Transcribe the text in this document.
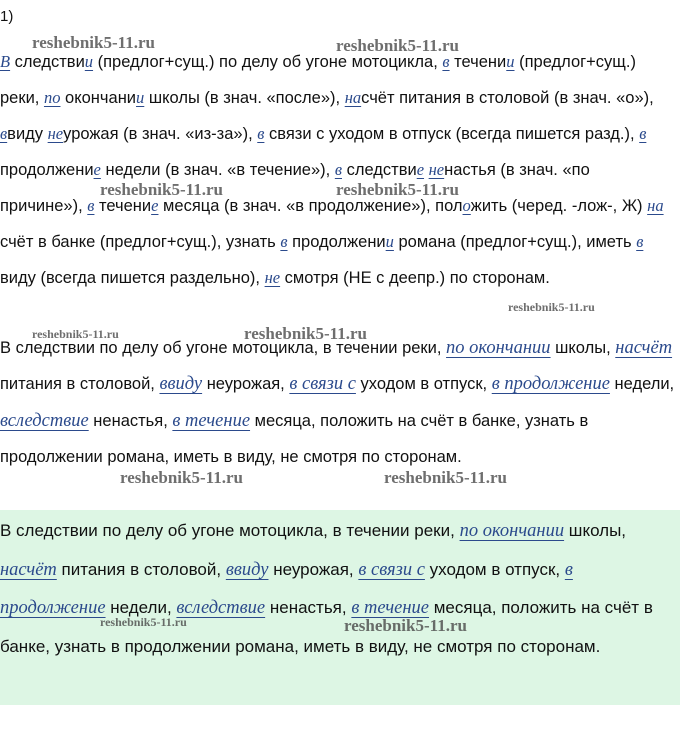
1)
В следствии (предлог+сущ.) по делу об угоне мотоцикла, в течении (предлог+сущ.) реки, по окончании школы (в знач. «после»), насчёт питания в столовой (в знач. «о»), ввиду неурожая (в знач. «из-за»), в связи с уходом в отпуск (всегда пишется разд.), в продолжение недели (в знач. «в течение»), в следствие ненастья (в знач. «по причине»), в течение месяца (в знач. «в продолжение»), положить (черед. -лож-, Ж) на счёт в банке (предлог+сущ.), узнать в продолжении романа (предлог+сущ.), иметь в виду (всегда пишется раздельно), не смотря (НЕ с деепр.) по сторонам.
В следствии по делу об угоне мотоцикла, в течении реки, по окончании школы, насчёт питания в столовой, ввиду неурожая, в связи с уходом в отпуск, в продолжение недели, вследствие ненастья, в течение месяца, положить на счёт в банке, узнать в продолжении романа, иметь в виду, не смотря по сторонам.
В следствии по делу об угоне мотоцикла, в течении реки, по окончании школы, насчёт питания в столовой, ввиду неурожая, в связи с уходом в отпуск, в продолжение недели, вследствие ненастья, в течение месяца, положить на счёт в банке, узнать в продолжении романа, иметь в виду, не смотря по сторонам.
reshebnik5-11.ru	reshebnik5-11.ru
reshebnik5-11.ru	reshebnik5-11.ru
reshebnik5-11.ru
reshebnik5-11.ru	reshebnik5-11.ru
reshebnik5-11.ru	reshebnik5-11.ru
reshebnik5-11.ru	reshebnik5-11.ru
